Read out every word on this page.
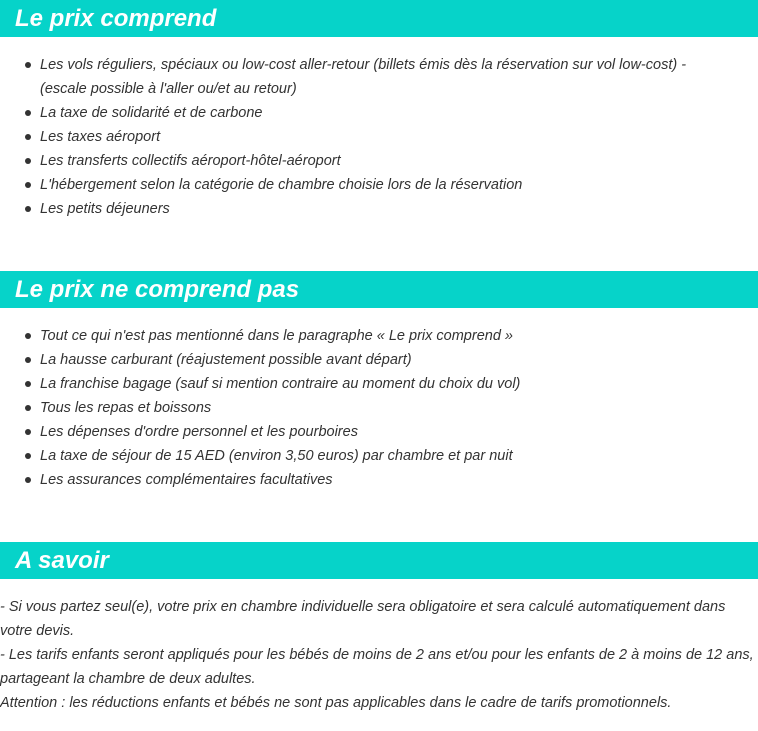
Le prix comprend
Les vols réguliers, spéciaux ou low-cost aller-retour (billets émis dès la réservation sur vol low-cost) - (escale possible à l'aller ou/et au retour)
La taxe de solidarité et de carbone
Les taxes aéroport
Les transferts collectifs aéroport-hôtel-aéroport
L'hébergement selon la catégorie de chambre choisie lors de la réservation
Les petits déjeuners
Le prix ne comprend pas
Tout ce qui n'est pas mentionné dans le paragraphe « Le prix comprend »
La hausse carburant (réajustement possible avant départ)
La franchise bagage (sauf si mention contraire au moment du choix du vol)
Tous les repas et boissons
Les dépenses d'ordre personnel et les pourboires
La taxe de séjour de 15 AED (environ 3,50 euros) par chambre et par nuit
Les assurances complémentaires facultatives
A savoir

- Si vous partez seul(e), votre prix en chambre individuelle sera obligatoire et sera calculé automatiquement dans votre devis.

- Les tarifs enfants seront appliqués pour les bébés de moins de 2 ans et/ou pour les enfants de 2 à moins de 12 ans, partageant la chambre de deux adultes.

Attention : les réductions enfants et bébés ne sont pas applicables dans le cadre de tarifs promotionnels.
